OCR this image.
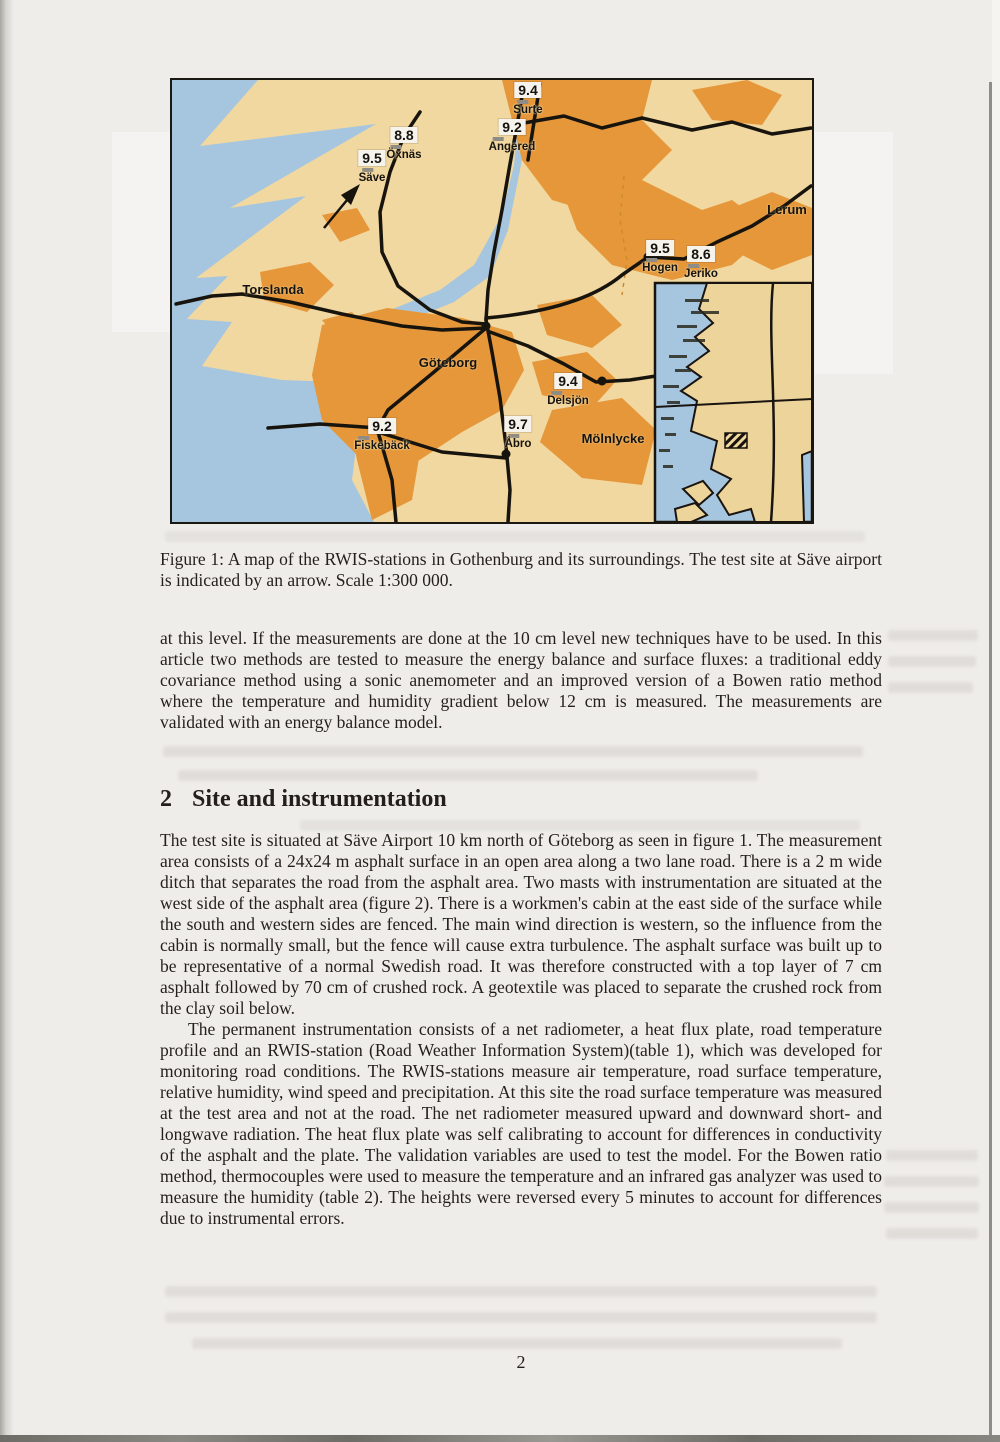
9.4
Surte
9.2
Angered
8.8
Öxnäs
9.5
Säve
9.5
Hogen
8.6
Jeriko
9.4
Delsjön
9.2
Fiskebäck
9.7
Åbro
Torslanda
Göteborg
Lerum
Mölnlycke
Figure 1: A map of the RWIS-stations in Gothenburg and its surroundings. The test site at Säve airport is indicated by an arrow. Scale 1:300 000.
at this level. If the measurements are done at the 10 cm level new techniques have to be used. In this article two methods are tested to measure the energy balance and surface fluxes: a traditional eddy covariance method using a sonic anemometer and an improved version of a Bowen ratio method where the temperature and humidity gradient below 12 cm is measured. The measurements are validated with an energy balance model.
2 Site and instrumentation

The test site is situated at Säve Airport 10 km north of Göteborg as seen in figure 1. The measurement area consists of a 24x24 m asphalt surface in an open area along a two lane road. There is a 2 m wide ditch that separates the road from the asphalt area. Two masts with instrumentation are situated at the west side of the asphalt area (figure 2). There is a workmen's cabin at the east side of the surface while the south and western sides are fenced. The main wind direction is western, so the influence from the cabin is normally small, but the fence will cause extra turbulence. The asphalt surface was built up to be representative of a normal Swedish road. It was therefore constructed with a top layer of 7 cm asphalt followed by 70 cm of crushed rock. A geotextile was placed to separate the crushed rock from the clay soil below.

The permanent instrumentation consists of a net radiometer, a heat flux plate, road temperature profile and an RWIS-station (Road Weather Information System)(table 1), which was developed for monitoring road conditions. The RWIS-stations measure air temperature, road surface temperature, relative humidity, wind speed and precipitation. At this site the road surface temperature was measured at the test area and not at the road. The net radiometer measured upward and downward short- and longwave radiation. The heat flux plate was self calibrating to account for differences in conductivity of the asphalt and the plate. The validation variables are used to test the model. For the Bowen ratio method, thermocouples were used to measure the temperature and an infrared gas analyzer was used to measure the humidity (table 2). The heights were reversed every 5 minutes to account for differences due to instrumental errors.

2
